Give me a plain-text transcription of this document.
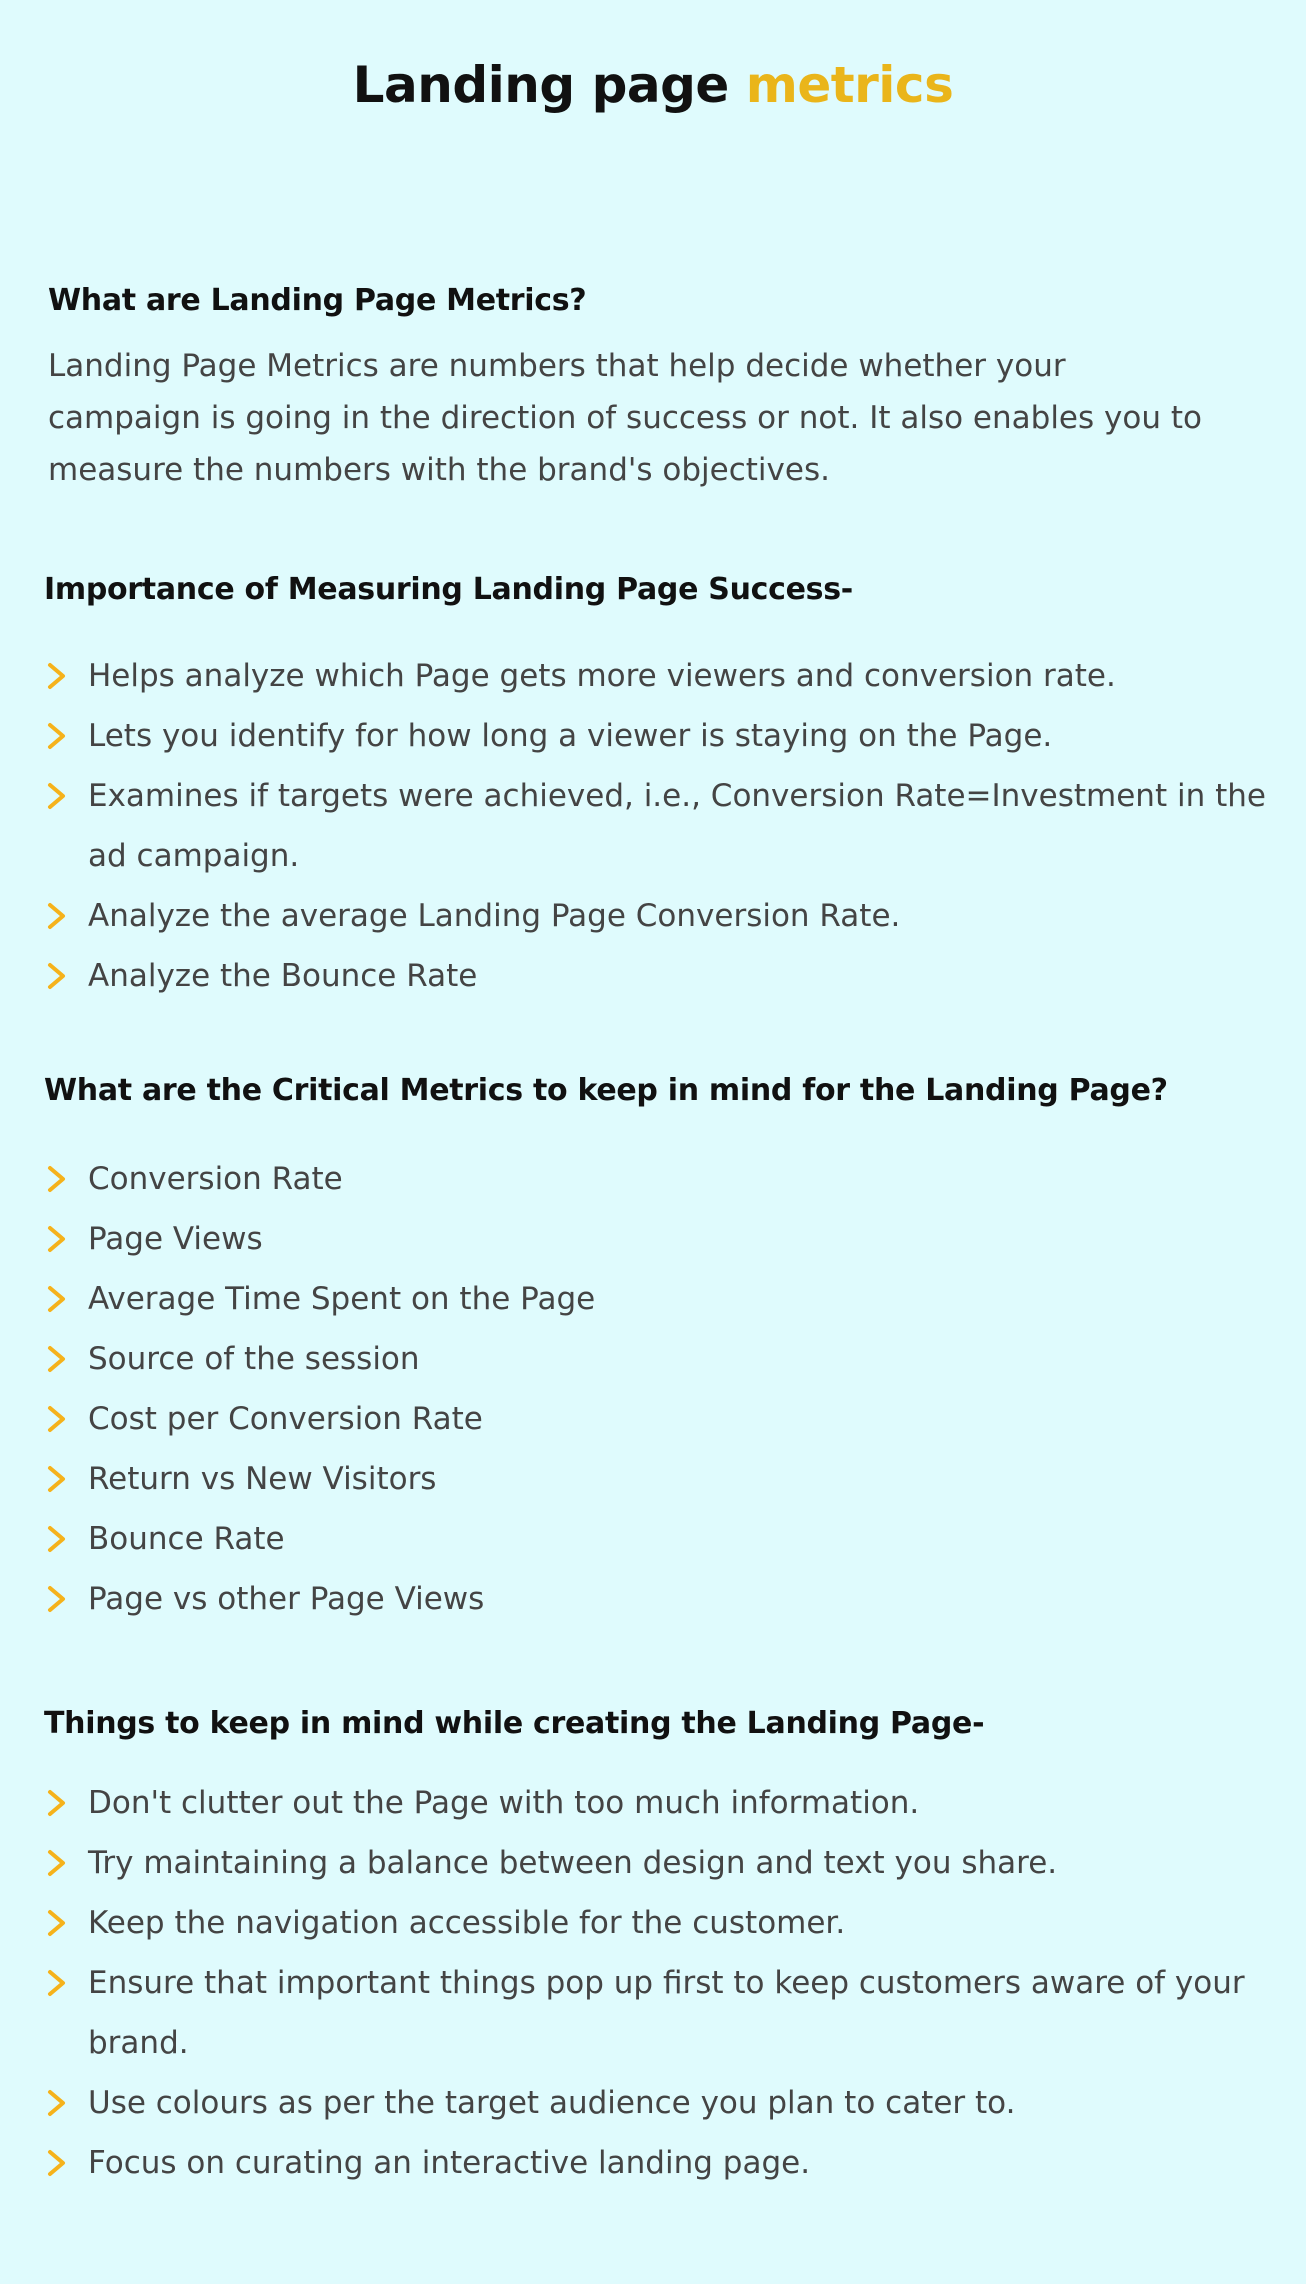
Landing page metrics
What are Landing Page Metrics?
Landing Page Metrics are numbers that help decide whether your campaign is going in the direction of success or not. It also enables you to measure the numbers with the brand's objectives.
Importance of Measuring Landing Page Success-
Helps analyze which Page gets more viewers and conversion rate.
Lets you identify for how long a viewer is staying on the Page.
Examines if targets were achieved, i.e., Conversion Rate=Investment in the ad campaign.
Analyze the average Landing Page Conversion Rate.
Analyze the Bounce Rate
What are the Critical Metrics to keep in mind for the Landing Page?
Conversion Rate
Page Views
Average Time Spent on the Page
Source of the session
Cost per Conversion Rate
Return vs New Visitors
Bounce Rate
Page vs other Page Views
Things to keep in mind while creating the Landing Page-
Don't clutter out the Page with too much information.
Try maintaining a balance between design and text you share.
Keep the navigation accessible for the customer.
Ensure that important things pop up first to keep customers aware of your brand.
Use colours as per the target audience you plan to cater to.
Focus on curating an interactive landing page.
